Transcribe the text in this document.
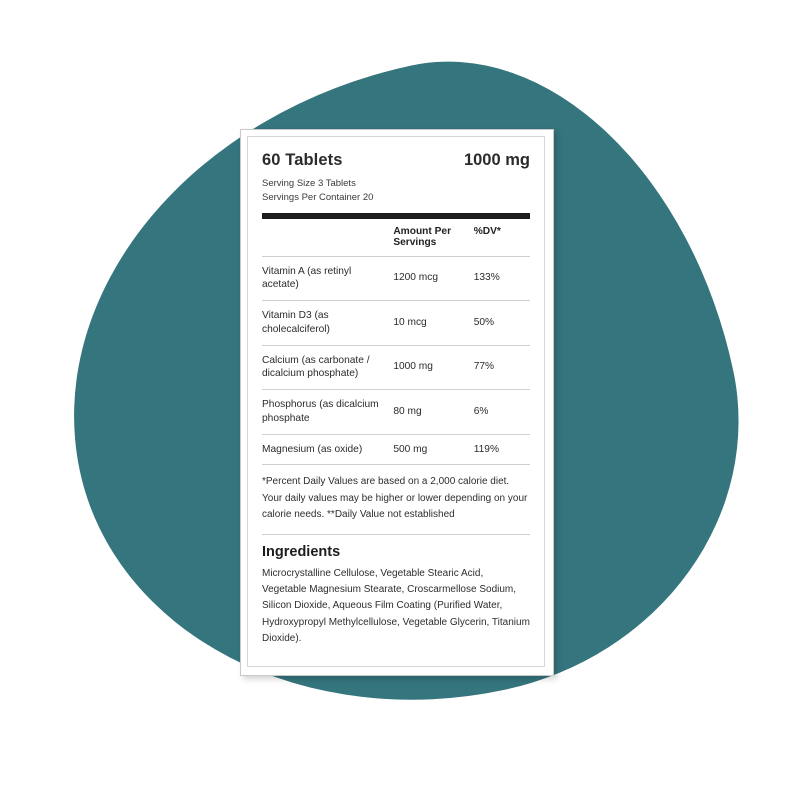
60 Tablets	1000 mg
Serving Size 3 Tablets
Servings Per Container 20
	Amount Per Servings	%DV*
Vitamin A (as retinyl acetate)	1200 mcg	133%
Vitamin D3 (as cholecalciferol)	10 mcg	50%
Calcium (as carbonate / dicalcium phosphate)	1000 mg	77%
Phosphorus (as dicalcium phosphate	80 mg	6%
Magnesium (as oxide)	500 mg	119%
*Percent Daily Values are based on a 2,000 calorie diet. Your daily values may be higher or lower depending on your calorie needs. **Daily Value not established
Ingredients
Microcrystalline Cellulose, Vegetable Stearic Acid, Vegetable Magnesium Stearate, Croscarmellose Sodium, Silicon Dioxide, Aqueous Film Coating (Purified Water, Hydroxypropyl Methylcellulose, Vegetable Glycerin, Titanium Dioxide).
